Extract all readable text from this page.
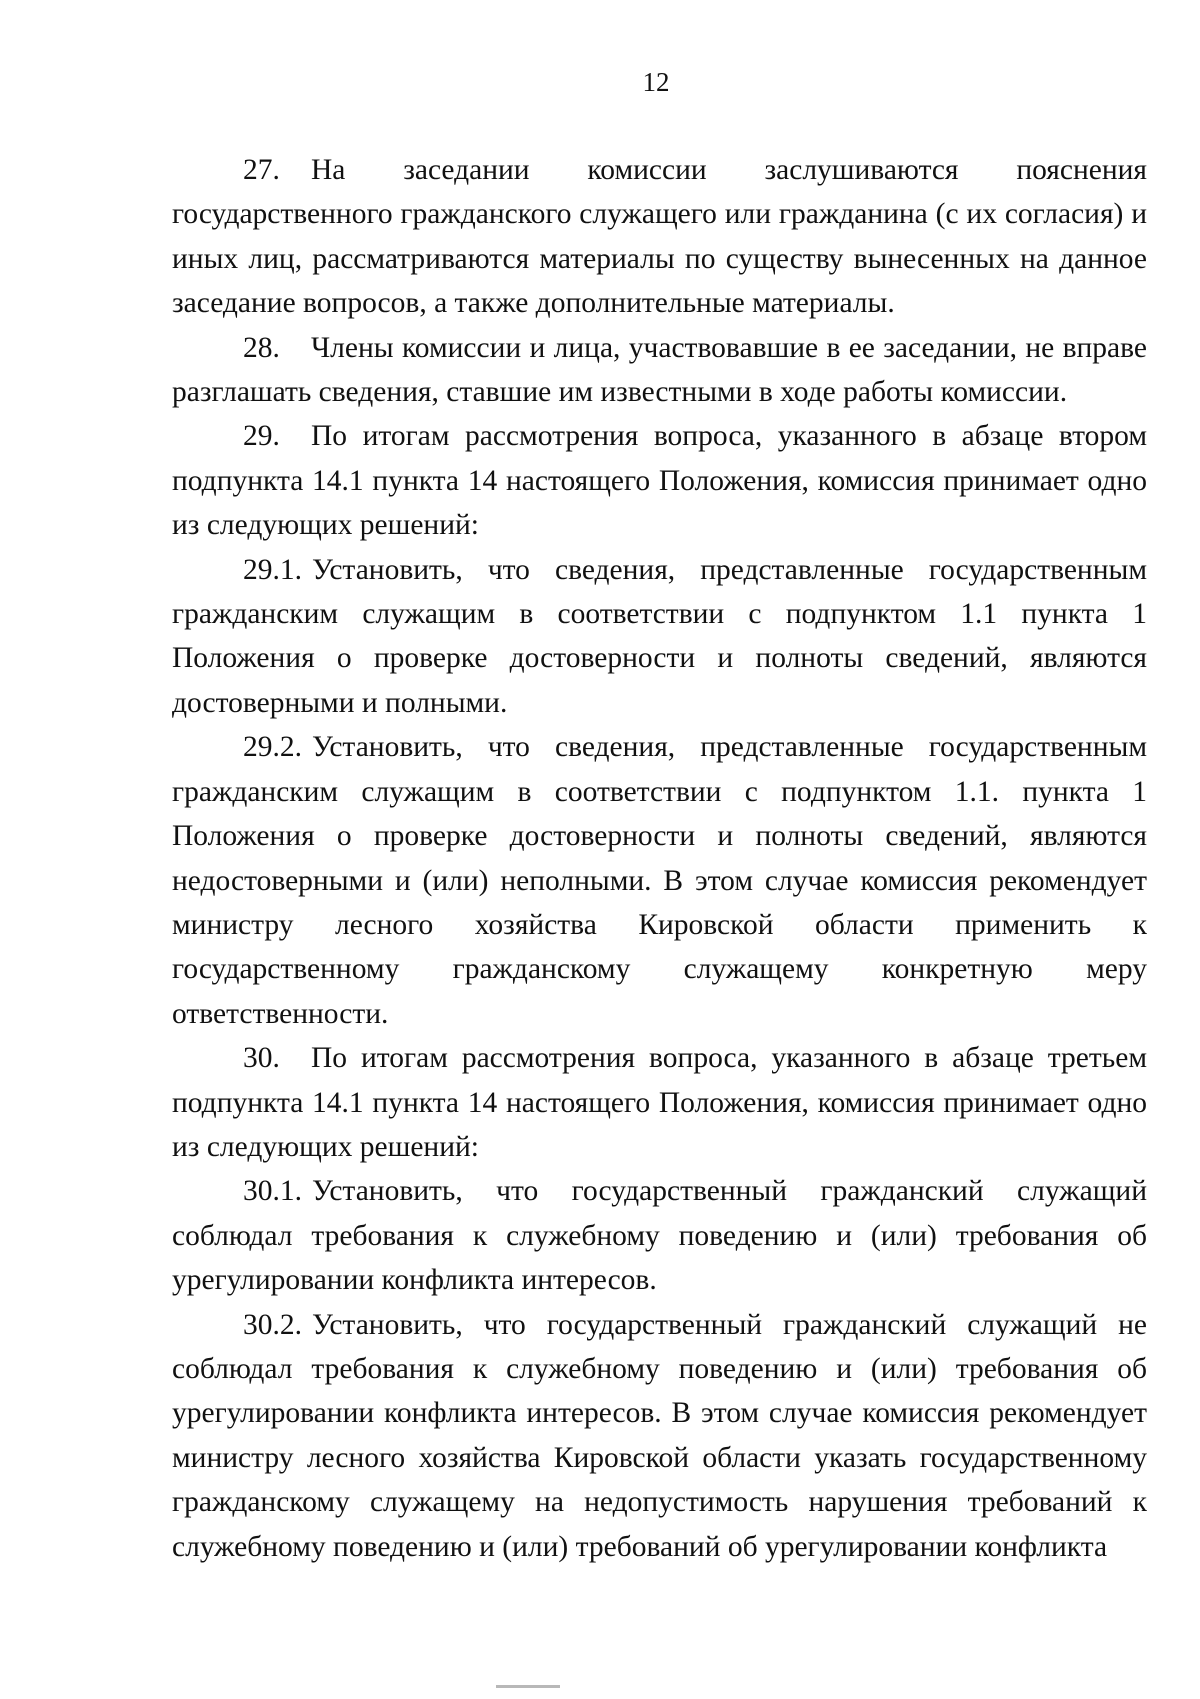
12

27. На заседании комиссии заслушиваются пояснения государственного гражданского служащего или гражданина (с их согласия) и иных лиц, рассматриваются материалы по существу вынесенных на данное заседание вопросов, а также дополнительные материалы.

28. Члены комиссии и лица, участвовавшие в ее заседании, не вправе разглашать сведения, ставшие им известными в ходе работы комиссии.

29. По итогам рассмотрения вопроса, указанного в абзаце втором подпункта 14.1 пункта 14 настоящего Положения, комиссия принимает одно из следующих решений:

29.1. Установить, что сведения, представленные государственным гражданским служащим в соответствии с подпунктом 1.1 пункта 1 Положения о проверке достоверности и полноты сведений, являются достоверными и полными.

29.2. Установить, что сведения, представленные государственным гражданским служащим в соответствии с подпунктом 1.1. пункта 1 Положения о проверке достоверности и полноты сведений, являются недостоверными и (или) неполными. В этом случае комиссия рекомендует министру лесного хозяйства Кировской области применить к государственному гражданскому служащему конкретную меру ответственности.

30. По итогам рассмотрения вопроса, указанного в абзаце третьем подпункта 14.1 пункта 14 настоящего Положения, комиссия принимает одно из следующих решений:

30.1. Установить, что государственный гражданский служащий соблюдал требования к служебному поведению и (или) требования об урегулировании конфликта интересов.

30.2. Установить, что государственный гражданский служащий не соблюдал требования к служебному поведению и (или) требования об урегулировании конфликта интересов. В этом случае комиссия рекомендует министру лесного хозяйства Кировской области указать государственному гражданскому служащему на недопустимость нарушения требований к служебному поведению и (или) требований об урегулировании конфликта
